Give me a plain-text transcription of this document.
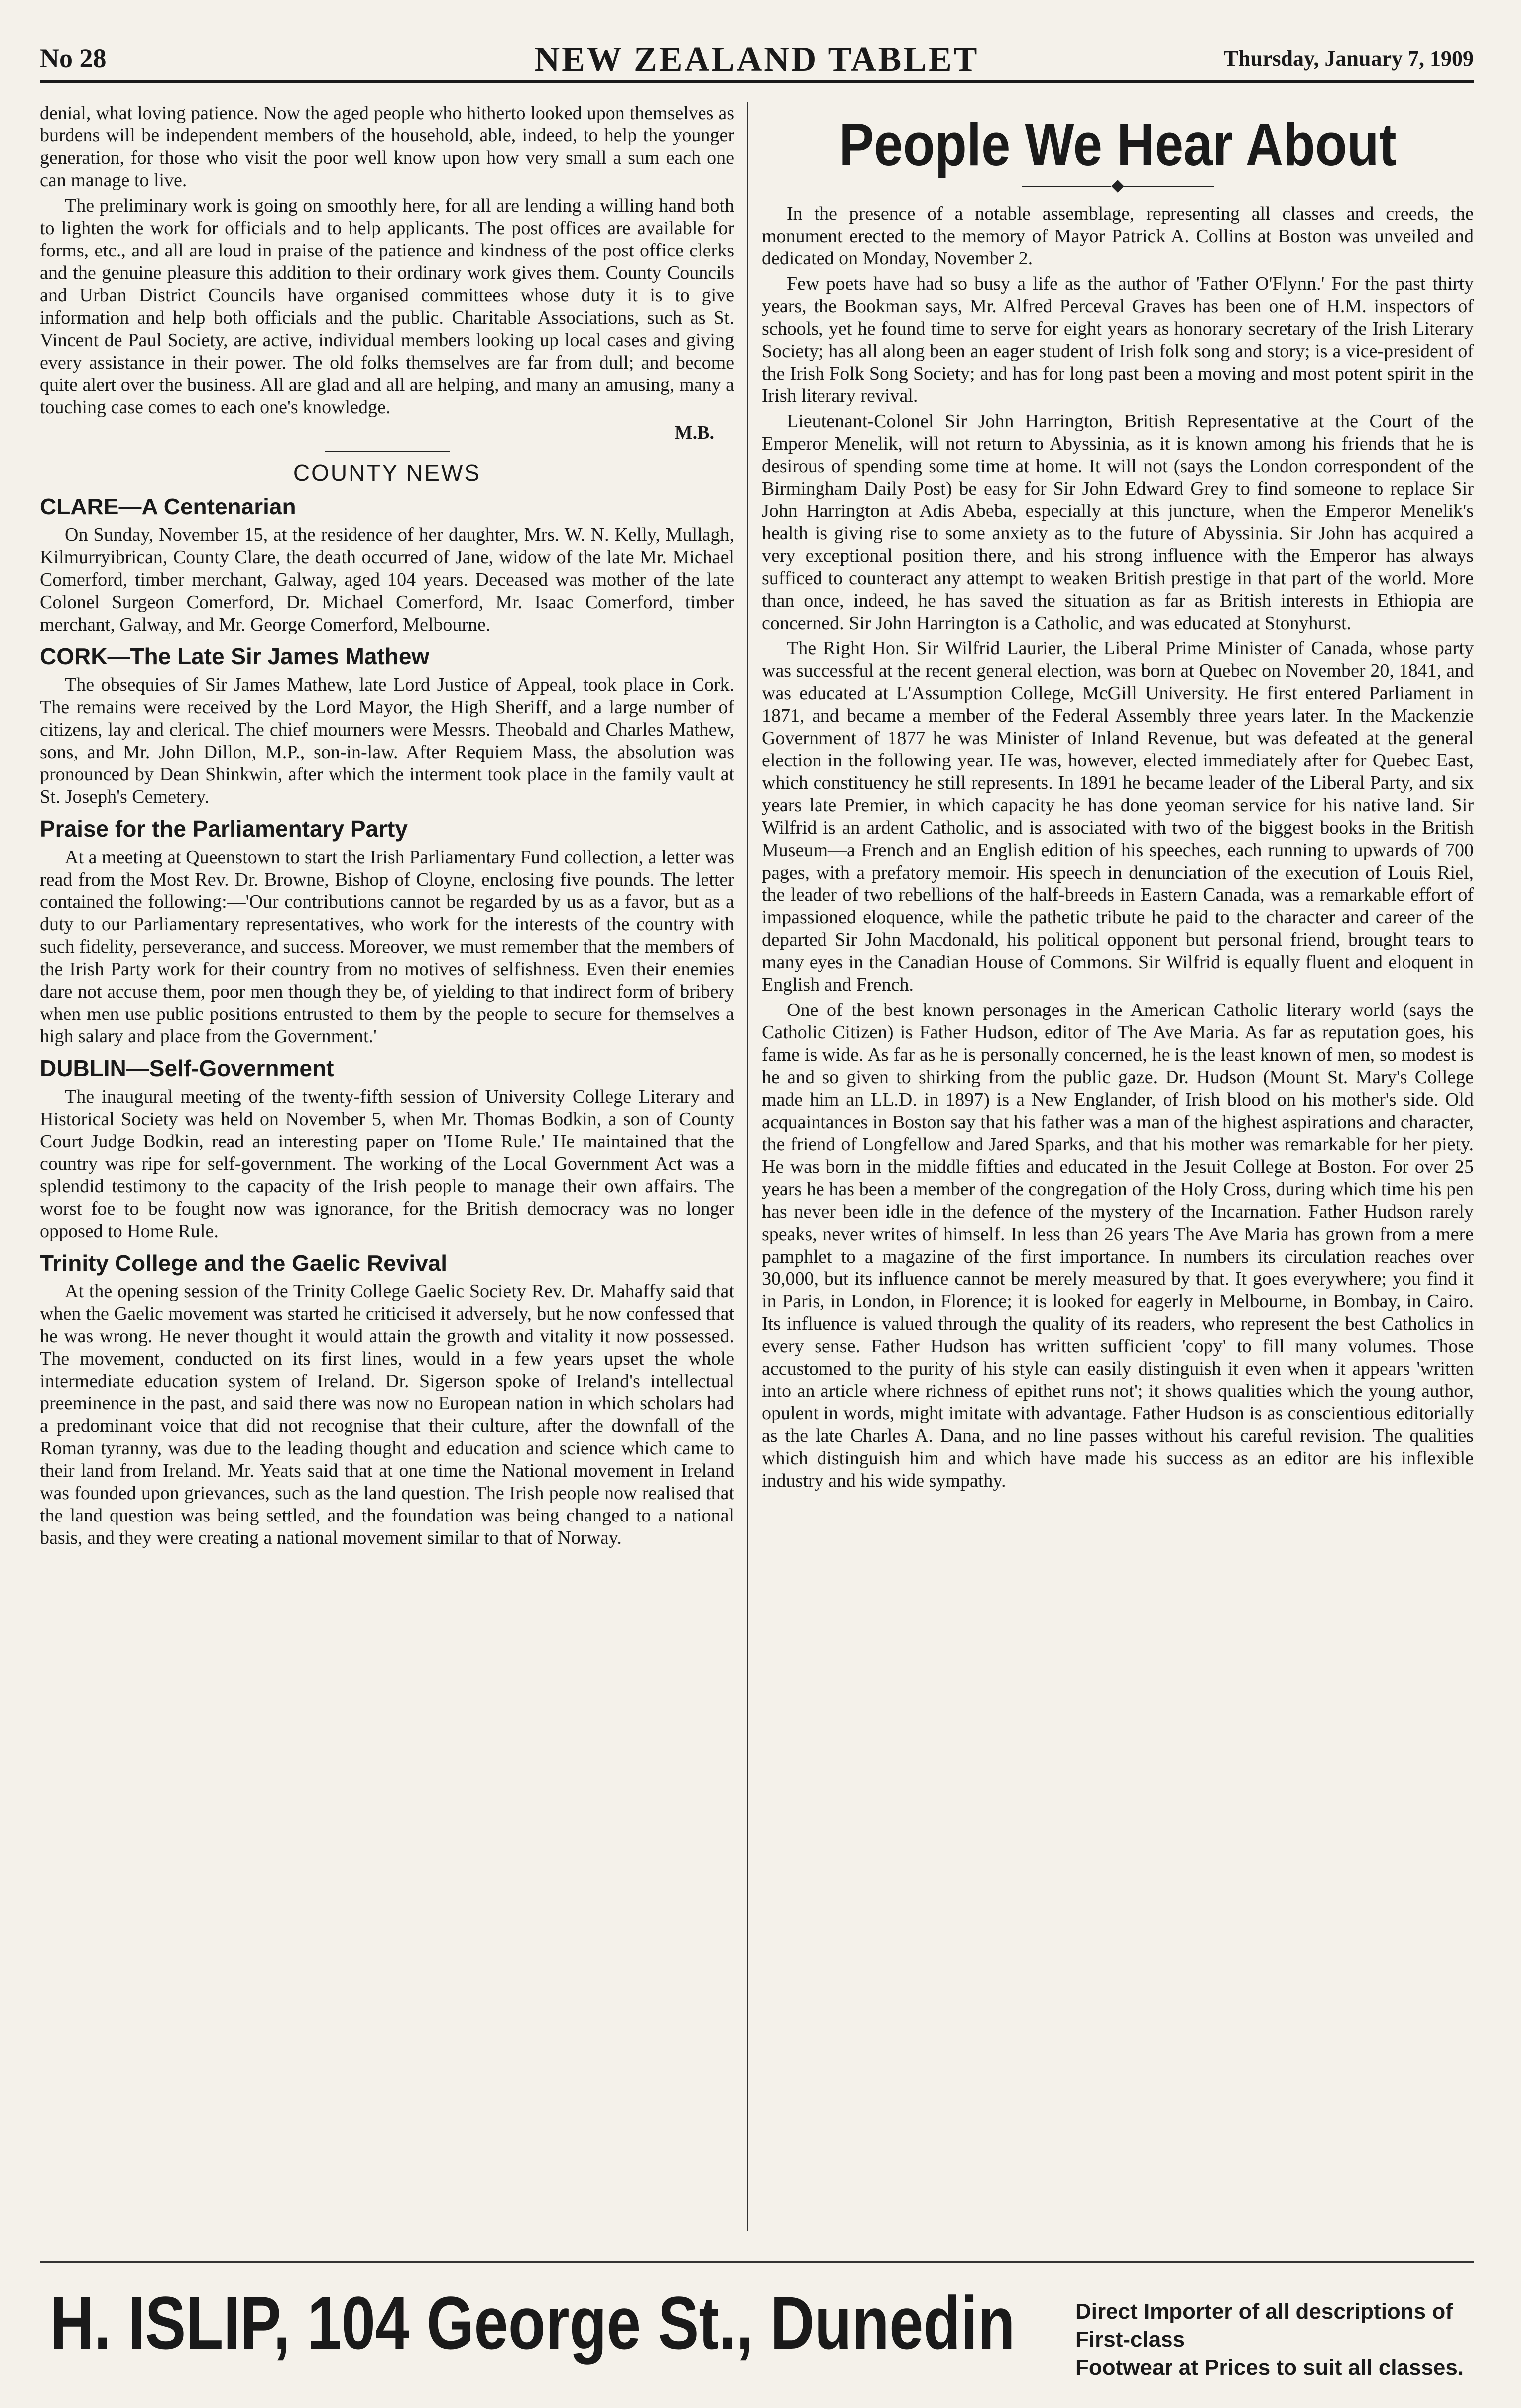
No 28	NEW ZEALAND TABLET	Thursday, January 7, 1909

denial, what loving patience. Now the aged people who hitherto looked upon themselves as burdens will be independent members of the household, able, indeed, to help the younger generation, for those who visit the poor well know upon how very small a sum each one can manage to live.

The preliminary work is going on smoothly here, for all are lending a willing hand both to lighten the work for officials and to help applicants. The post offices are available for forms, etc., and all are loud in praise of the patience and kindness of the post office clerks and the genuine pleasure this addition to their ordinary work gives them. County Councils and Urban District Councils have organised committees whose duty it is to give information and help both officials and the public. Charitable Associations, such as St. Vincent de Paul Society, are active, individual members looking up local cases and giving every assistance in their power. The old folks themselves are far from dull; and become quite alert over the business. All are glad and all are helping, and many an amusing, many a touching case comes to each one's knowledge.

M.B.
COUNTY NEWS
CLARE—A Centenarian

On Sunday, November 15, at the residence of her daughter, Mrs. W. N. Kelly, Mullagh, Kilmurryibrican, County Clare, the death occurred of Jane, widow of the late Mr. Michael Comerford, timber merchant, Galway, aged 104 years. Deceased was mother of the late Colonel Surgeon Comerford, Dr. Michael Comerford, Mr. Isaac Comerford, timber merchant, Galway, and Mr. George Comerford, Melbourne.

CORK—The Late Sir James Mathew

The obsequies of Sir James Mathew, late Lord Justice of Appeal, took place in Cork. The remains were received by the Lord Mayor, the High Sheriff, and a large number of citizens, lay and clerical. The chief mourners were Messrs. Theobald and Charles Mathew, sons, and Mr. John Dillon, M.P., son-in-law. After Requiem Mass, the absolution was pronounced by Dean Shinkwin, after which the interment took place in the family vault at St. Joseph's Cemetery.

Praise for the Parliamentary Party

At a meeting at Queenstown to start the Irish Parliamentary Fund collection, a letter was read from the Most Rev. Dr. Browne, Bishop of Cloyne, enclosing five pounds. The letter contained the following:—'Our contributions cannot be regarded by us as a favor, but as a duty to our Parliamentary representatives, who work for the interests of the country with such fidelity, perseverance, and success. Moreover, we must remember that the members of the Irish Party work for their country from no motives of selfishness. Even their enemies dare not accuse them, poor men though they be, of yielding to that indirect form of bribery when men use public positions entrusted to them by the people to secure for themselves a high salary and place from the Government.'

DUBLIN—Self-Government

The inaugural meeting of the twenty-fifth session of University College Literary and Historical Society was held on November 5, when Mr. Thomas Bodkin, a son of County Court Judge Bodkin, read an interesting paper on 'Home Rule.' He maintained that the country was ripe for self-government. The working of the Local Government Act was a splendid testimony to the capacity of the Irish people to manage their own affairs. The worst foe to be fought now was ignorance, for the British democracy was no longer opposed to Home Rule.

Trinity College and the Gaelic Revival

At the opening session of the Trinity College Gaelic Society Rev. Dr. Mahaffy said that when the Gaelic movement was started he criticised it adversely, but he now confessed that he was wrong. He never thought it would attain the growth and vitality it now possessed. The movement, conducted on its first lines, would in a few years upset the whole intermediate education system of Ireland. Dr. Sigerson spoke of Ireland's intellectual preeminence in the past, and said there was now no European nation in which scholars had a predominant voice that did not recognise that their culture, after the downfall of the Roman tyranny, was due to the leading thought and education and science which came to their land from Ireland. Mr. Yeats said that at one time the National movement in Ireland was founded upon grievances, such as the land question. The Irish people now realised that the land question was being settled, and the foundation was being changed to a national basis, and they were creating a national movement similar to that of Norway.

People We Hear About

In the presence of a notable assemblage, representing all classes and creeds, the monument erected to the memory of Mayor Patrick A. Collins at Boston was unveiled and dedicated on Monday, November 2.

Few poets have had so busy a life as the author of 'Father O'Flynn.' For the past thirty years, the Bookman says, Mr. Alfred Perceval Graves has been one of H.M. inspectors of schools, yet he found time to serve for eight years as honorary secretary of the Irish Literary Society; has all along been an eager student of Irish folk song and story; is a vice-president of the Irish Folk Song Society; and has for long past been a moving and most potent spirit in the Irish literary revival.

Lieutenant-Colonel Sir John Harrington, British Representative at the Court of the Emperor Menelik, will not return to Abyssinia, as it is known among his friends that he is desirous of spending some time at home. It will not (says the London correspondent of the Birmingham Daily Post) be easy for Sir John Edward Grey to find someone to replace Sir John Harrington at Adis Abeba, especially at this juncture, when the Emperor Menelik's health is giving rise to some anxiety as to the future of Abyssinia. Sir John has acquired a very exceptional position there, and his strong influence with the Emperor has always sufficed to counteract any attempt to weaken British prestige in that part of the world. More than once, indeed, he has saved the situation as far as British interests in Ethiopia are concerned. Sir John Harrington is a Catholic, and was educated at Stonyhurst.

The Right Hon. Sir Wilfrid Laurier, the Liberal Prime Minister of Canada, whose party was successful at the recent general election, was born at Quebec on November 20, 1841, and was educated at L'Assumption College, McGill University. He first entered Parliament in 1871, and became a member of the Federal Assembly three years later. In the Mackenzie Government of 1877 he was Minister of Inland Revenue, but was defeated at the general election in the following year. He was, however, elected immediately after for Quebec East, which constituency he still represents. In 1891 he became leader of the Liberal Party, and six years late Premier, in which capacity he has done yeoman service for his native land. Sir Wilfrid is an ardent Catholic, and is associated with two of the biggest books in the British Museum—a French and an English edition of his speeches, each running to upwards of 700 pages, with a prefatory memoir. His speech in denunciation of the execution of Louis Riel, the leader of two rebellions of the half-breeds in Eastern Canada, was a remarkable effort of impassioned eloquence, while the pathetic tribute he paid to the character and career of the departed Sir John Macdonald, his political opponent but personal friend, brought tears to many eyes in the Canadian House of Commons. Sir Wilfrid is equally fluent and eloquent in English and French.

One of the best known personages in the American Catholic literary world (says the Catholic Citizen) is Father Hudson, editor of The Ave Maria. As far as reputation goes, his fame is wide. As far as he is personally concerned, he is the least known of men, so modest is he and so given to shirking from the public gaze. Dr. Hudson (Mount St. Mary's College made him an LL.D. in 1897) is a New Englander, of Irish blood on his mother's side. Old acquaintances in Boston say that his father was a man of the highest aspirations and character, the friend of Longfellow and Jared Sparks, and that his mother was remarkable for her piety. He was born in the middle fifties and educated in the Jesuit College at Boston. For over 25 years he has been a member of the congregation of the Holy Cross, during which time his pen has never been idle in the defence of the mystery of the Incarnation. Father Hudson rarely speaks, never writes of himself. In less than 26 years The Ave Maria has grown from a mere pamphlet to a magazine of the first importance. In numbers its circulation reaches over 30,000, but its influence cannot be merely measured by that. It goes everywhere; you find it in Paris, in London, in Florence; it is looked for eagerly in Melbourne, in Bombay, in Cairo. Its influence is valued through the quality of its readers, who represent the best Catholics in every sense. Father Hudson has written sufficient 'copy' to fill many volumes. Those accustomed to the purity of his style can easily distinguish it even when it appears 'written into an article where richness of epithet runs not'; it shows qualities which the young author, opulent in words, might imitate with advantage. Father Hudson is as conscientious editorially as the late Charles A. Dana, and no line passes without his careful revision. The qualities which distinguish him and which have made his success as an editor are his inflexible industry and his wide sympathy.

H. ISLIP, 104 George St., Dunedin	Direct Importer of all descriptions of First-class
Footwear at Prices to suit all classes.
